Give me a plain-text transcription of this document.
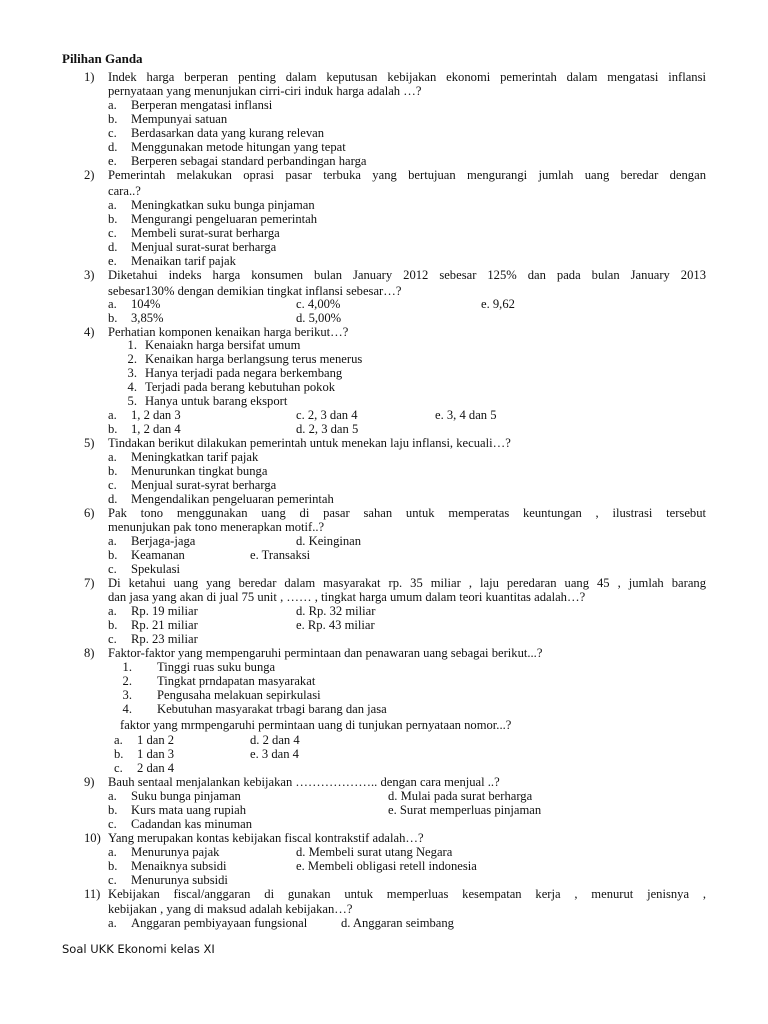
Pilihan Ganda
1)	Indek harga berperan penting dalam keputusan kebijakan ekonomi pemerintah dalam mengatasi inflansi
pernyataan yang menunjukan cirri-ciri induk harga adalah …?
a.	Berperan mengatasi inflansi
b.	Mempunyai satuan
c.	Berdasarkan data yang kurang relevan
d.	Menggunakan metode hitungan yang tepat
e.	Berperen sebagai standard perbandingan harga
2)	Pemerintah melakukan oprasi pasar terbuka yang bertujuan mengurangi jumlah uang beredar dengan
cara..?
a.	Meningkatkan suku bunga pinjaman
b.	Mengurangi pengeluaran pemerintah
c.	Membeli surat-surat berharga
d.	Menjual surat-surat berharga
e.	Menaikan tarif pajak
3)	Diketahui indeks harga konsumen bulan January 2012 sebesar 125% dan pada bulan January 2013
sebesar130% dengan demikian tingkat inflansi sebesar…?
a.	104%	c. 4,00%	e. 9,62
b.	3,85%	d. 5,00%
4)	Perhatian komponen kenaikan harga berikut…?
1. Kenaiakn harga bersifat umum
2. Kenaikan harga berlangsung terus menerus
3. Hanya terjadi pada negara berkembang
4. Terjadi pada berang kebutuhan pokok
5. Hanya untuk barang eksport
a.	1, 2 dan 3	c. 2, 3 dan 4	e. 3, 4 dan 5
b.	1, 2 dan 4	d. 2, 3 dan 5
5)	Tindakan berikut dilakukan pemerintah untuk menekan laju inflansi, kecuali…?
a.	Meningkatkan tarif pajak
b.	Menurunkan tingkat bunga
c.	Menjual surat-syrat berharga
d.	Mengendalikan pengeluaran pemerintah
6)	Pak tono menggunakan uang di pasar sahan untuk memperatas keuntungan , ilustrasi tersebut
menunjukan pak tono menerapkan motif..?
a.	Berjaga-jaga	d. Keinginan
b.	Keamanan	e. Transaksi
c.	Spekulasi
7)	Di ketahui uang yang beredar dalam masyarakat rp. 35 miliar , laju peredaran uang 45 , jumlah barang
dan jasa yang akan di jual 75 unit , …… , tingkat harga umum dalam teori kuantitas adalah…?
a.	Rp. 19 miliar	d. Rp. 32 miliar
b.	Rp. 21 miliar	e. Rp. 43 miliar
c.	Rp. 23 miliar
8)	Faktor-faktor yang mempengaruhi permintaan dan penawaran uang sebagai berikut...?
1. Tinggi ruas suku bunga
2. Tingkat prndapatan masyarakat
3. Pengusaha melakuan sepirkulasi
4. Kebutuhan masyarakat trbagi barang dan jasa
faktor yang mrmpengaruhi permintaan uang di tunjukan pernyataan nomor...?
a. 1 dan 2	d. 2 dan 4
b. 1 dan 3	e. 3 dan 4
c. 2 dan 4
9)	Bauh sentaal menjalankan kebijakan ……………….. dengan cara menjual ..?
a.	Suku bunga pinjaman	d. Mulai pada surat berharga
b.	Kurs mata uang rupiah	e. Surat memperluas pinjaman
c.	Cadandan kas minuman
10) Yang merupakan kontas kebijakan fiscal kontrakstif adalah…?
a.	Menurunya pajak	d. Membeli surat utang Negara
b.	Menaiknya subsidi	e. Membeli obligasi retell indonesia
c.	Menurunya subsidi
11) Kebijakan fiscal/anggaran di gunakan untuk memperluas kesempatan kerja , menurut jenisnya ,
kebijakan , yang di maksud adalah kebijakan…?
a.	Anggaran pembiyayaan fungsional	d. Anggaran seimbang
Soal UKK Ekonomi kelas XI
